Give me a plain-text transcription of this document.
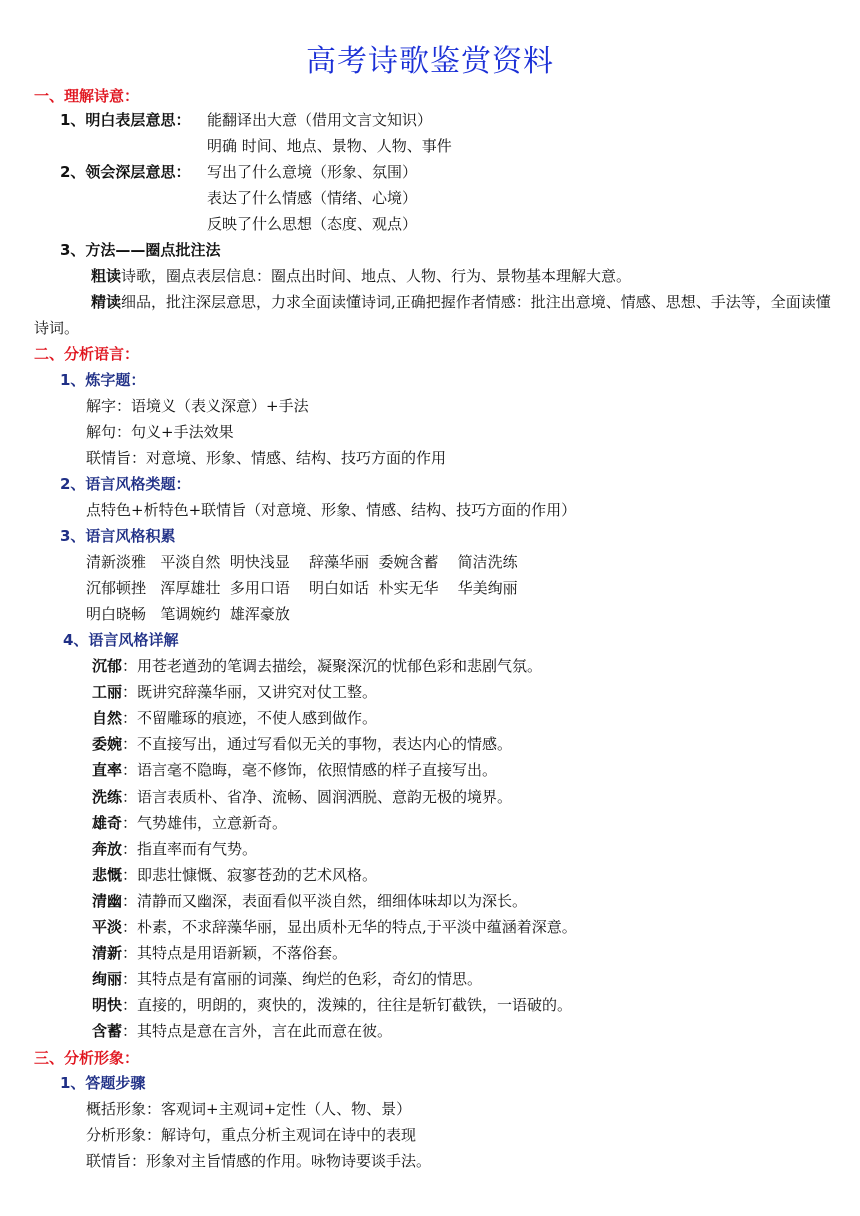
高考诗歌鉴赏资料
一、理解诗意：
1、明白表层意思： 能翻译出大意（借用文言文知识）
明确 时间、地点、景物、人物、事件
2、领会深层意思： 写出了什么意境（形象、氛围）
表达了什么情感（情绪、心境）
反映了什么思想（态度、观点）
3、方法——圈点批注法
粗读诗歌，圈点表层信息：圈点出时间、地点、人物、行为、景物基本理解大意。
精读细品，批注深层意思，力求全面读懂诗词,正确把握作者情感：批注出意境、情感、思想、手法等，全面读懂诗词。
二、分析语言：
1、炼字题：
解字：语境义（表义深意）+手法
解句：句义+手法效果
联情旨：对意境、形象、情感、结构、技巧方面的作用
2、语言风格类题：
点特色+析特色+联情旨（对意境、形象、情感、结构、技巧方面的作用）
3、语言风格积累
清新淡雅 平淡自然 明快浅显 辞藻华丽 委婉含蓄 简洁洗练
沉郁顿挫 浑厚雄壮 多用口语 明白如话 朴实无华 华美绚丽
明白晓畅 笔调婉约 雄浑豪放
4、语言风格详解
沉郁：用苍老遒劲的笔调去描绘，凝聚深沉的忧郁色彩和悲剧气氛。
工丽：既讲究辞藻华丽，又讲究对仗工整。
自然：不留雕琢的痕迹，不使人感到做作。
委婉：不直接写出，通过写看似无关的事物，表达内心的情感。
直率：语言毫不隐晦，毫不修饰，依照情感的样子直接写出。
洗练：语言表质朴、省净、流畅、圆润洒脱、意韵无极的境界。
雄奇：气势雄伟，立意新奇。
奔放：指直率而有气势。
悲慨：即悲壮慷慨、寂寥苍劲的艺术风格。
清幽：清静而又幽深，表面看似平淡自然，细细体味却以为深长。
平淡：朴素，不求辞藻华丽，显出质朴无华的特点,于平淡中蕴涵着深意。
清新：其特点是用语新颖，不落俗套。
绚丽：其特点是有富丽的词藻、绚烂的色彩，奇幻的情思。
明快：直接的，明朗的，爽快的，泼辣的，往往是斩钉截铁，一语破的。
含蓄：其特点是意在言外，言在此而意在彼。
三、分析形象：
1、答题步骤
概括形象：客观词+主观词+定性（人、物、景）
分析形象：解诗句，重点分析主观词在诗中的表现
联情旨：形象对主旨情感的作用。咏物诗要谈手法。
